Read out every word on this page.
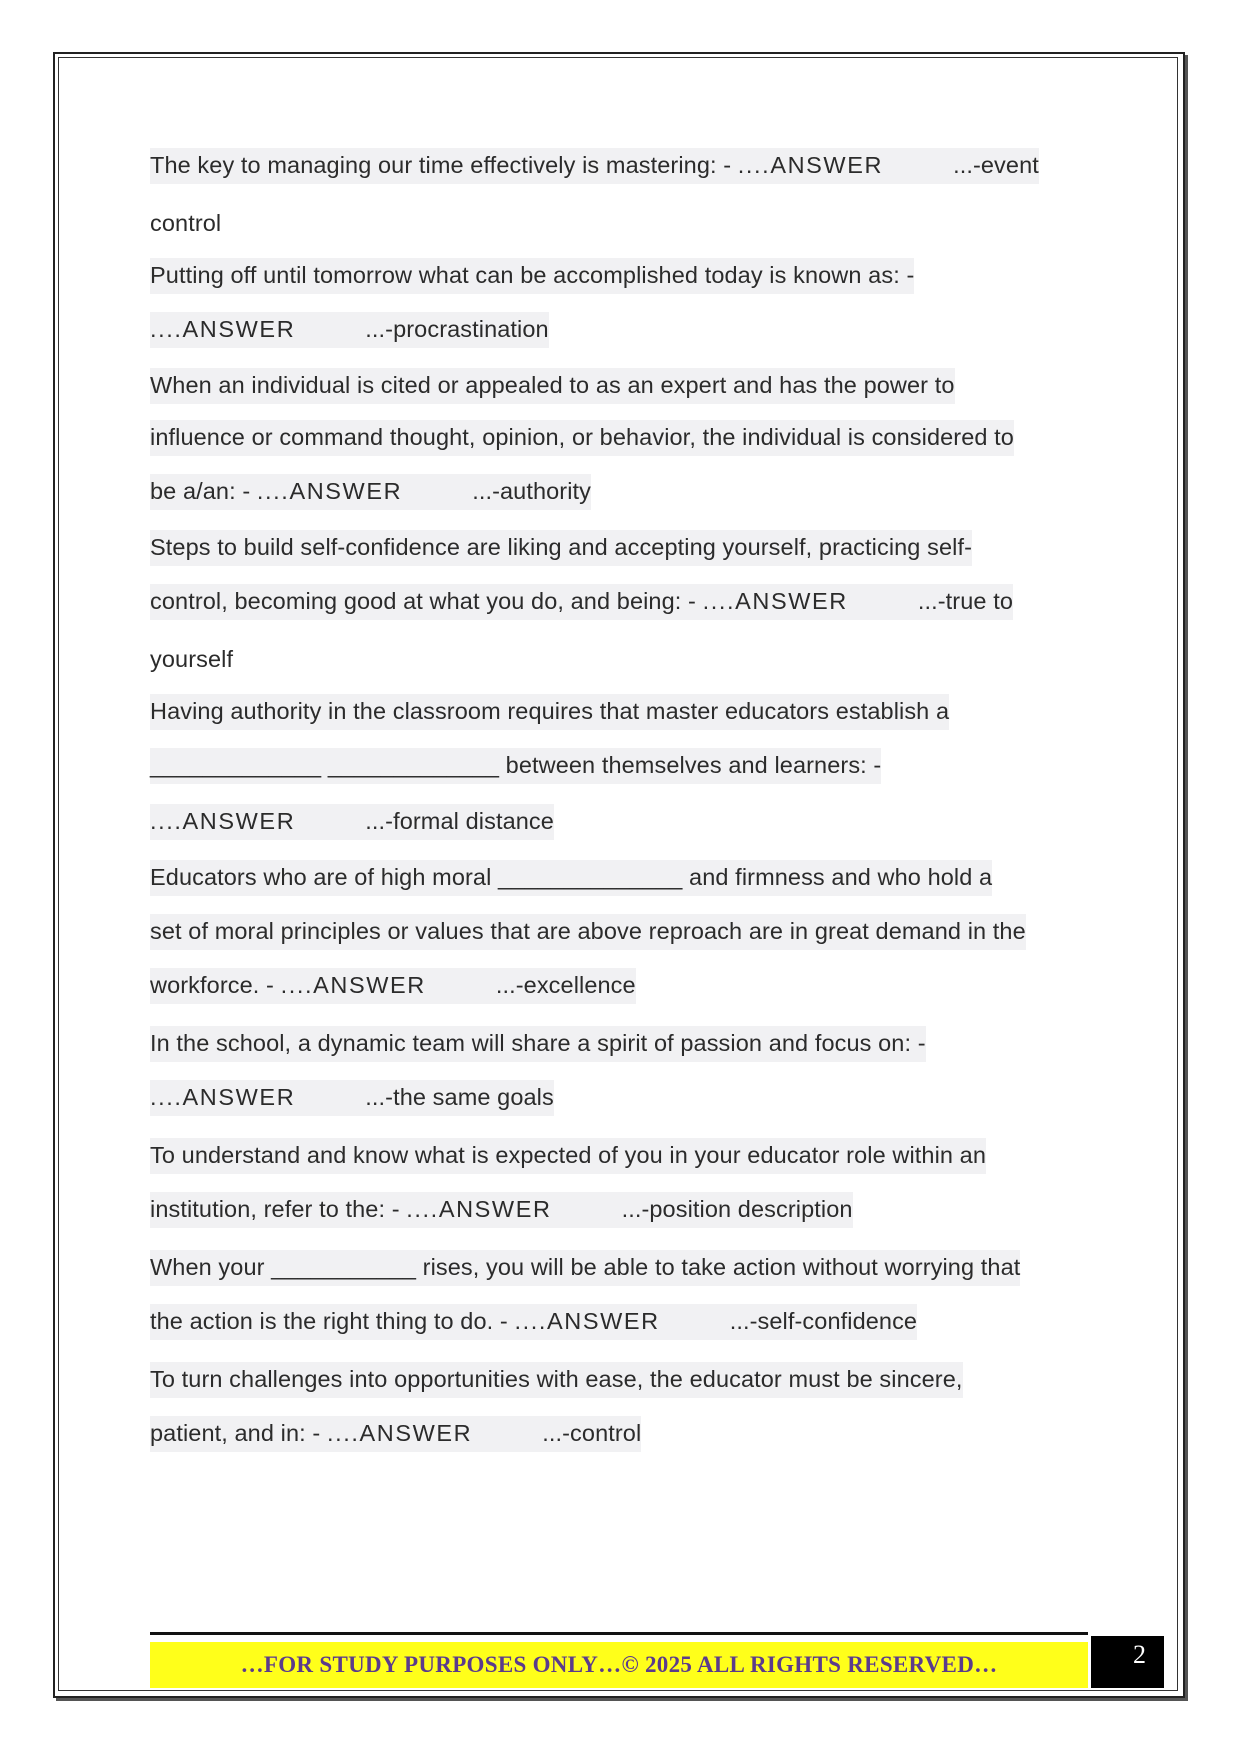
The key to managing our time effectively is mastering: - ....ANSWER	...-event
control
Putting off until tomorrow what can be accomplished today is known as: -
....ANSWER	...-procrastination
When an individual is cited or appealed to as an expert and has the power to
influence or command thought, opinion, or behavior, the individual is considered to
be a/an: - ....ANSWER	...-authority
Steps to build self-confidence are liking and accepting yourself, practicing self-
control, becoming good at what you do, and being: - ....ANSWER	...-true to
yourself
Having authority in the classroom requires that master educators establish a
_____________ _____________ between themselves and learners: -
....ANSWER	...-formal distance
Educators who are of high moral ______________ and firmness and who hold a
set of moral principles or values that are above reproach are in great demand in the
workforce. - ....ANSWER	...-excellence
In the school, a dynamic team will share a spirit of passion and focus on: -
....ANSWER	...-the same goals
To understand and know what is expected of you in your educator role within an
institution, refer to the: - ....ANSWER	...-position description
When your ___________ rises, you will be able to take action without worrying that
the action is the right thing to do. - ....ANSWER	...-self-confidence
To turn challenges into opportunities with ease, the educator must be sincere,
patient, and in: - ....ANSWER	...-control
…FOR STUDY PURPOSES ONLY…© 2025 ALL RIGHTS RESERVED…	2
